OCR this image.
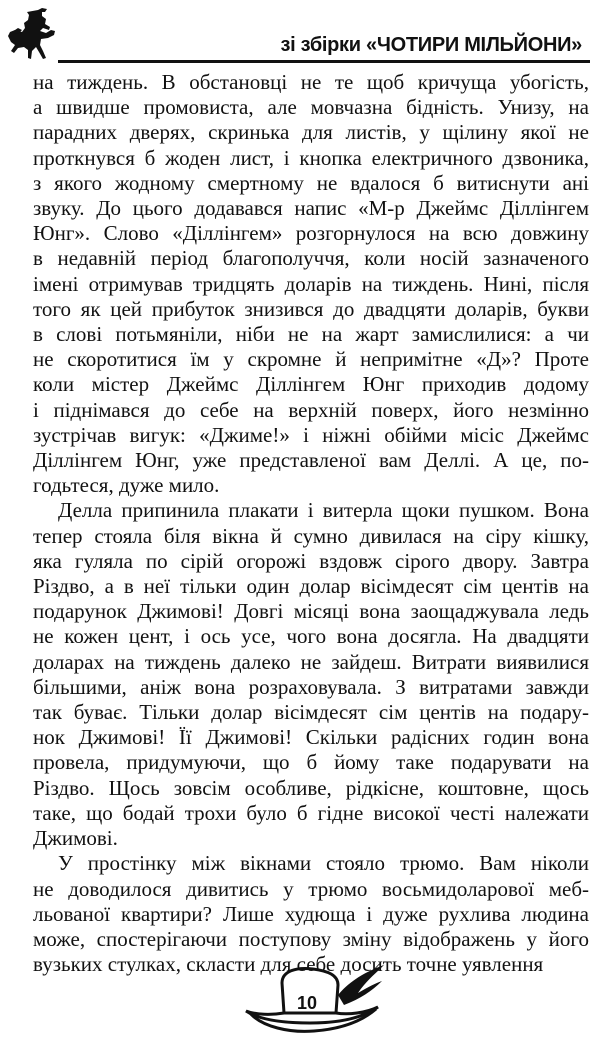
зі збірки «ЧОТИРИ МІЛЬЙОНИ»
на тиждень. В обстановці не те щоб кричуща убогість,
а швидше промовиста, але мовчазна бідність. Унизу, на
парадних дверях, скринька для листів, у щілину якої не
проткнувся б жоден лист, і кнопка електричного дзвоника,
з якого жодному смертному не вдалося б витиснути ані
звуку. До цього додавався напис «М-р Джеймс Діллінгем
Юнг». Слово «Діллінгем» розгорнулося на всю довжину
в недавній період благополуччя, коли носій зазначеного
імені отримував тридцять доларів на тиждень. Нині, після
того як цей прибуток знизився до двадцяти доларів, букви
в слові потьмяніли, ніби не на жарт замислилися: а чи
не скоротитися їм у скромне й непримітне «Д»? Проте
коли містер Джеймс Діллінгем Юнг приходив додому
і піднімався до себе на верхній поверх, його незмінно
зустрічав вигук: «Джиме!» і ніжні обійми місіс Джеймс
Діллінгем Юнг, уже представленої вам Деллі. А це, по-
годьтеся, дуже мило.
Делла припинила плакати і витерла щоки пушком. Вона
тепер стояла біля вікна й сумно дивилася на сіру кішку,
яка гуляла по сірій огорожі вздовж сірого двору. Завтра
Різдво, а в неї тільки один долар вісімдесят сім центів на
подарунок Джимові! Довгі місяці вона заощаджувала ледь
не кожен цент, і ось усе, чого вона досягла. На двадцяти
доларах на тиждень далеко не зайдеш. Витрати виявилися
більшими, аніж вона розраховувала. З витратами завжди
так буває. Тільки долар вісімдесят сім центів на подару-
нок Джимові! Її Джимові! Скільки радісних годин вона
провела, придумуючи, що б йому таке подарувати на
Різдво. Щось зовсім особливе, рідкісне, коштовне, щось
таке, що бодай трохи було б гідне високої честі належати
Джимові.
У простінку між вікнами стояло трюмо. Вам ніколи
не доводилося дивитись у трюмо восьмидоларової меб-
льованої квартири? Лише худюща і дуже рухлива людина
може, спостерігаючи поступову зміну відображень у його
вузьких стулках, скласти для себе досить точне уявлення
10
